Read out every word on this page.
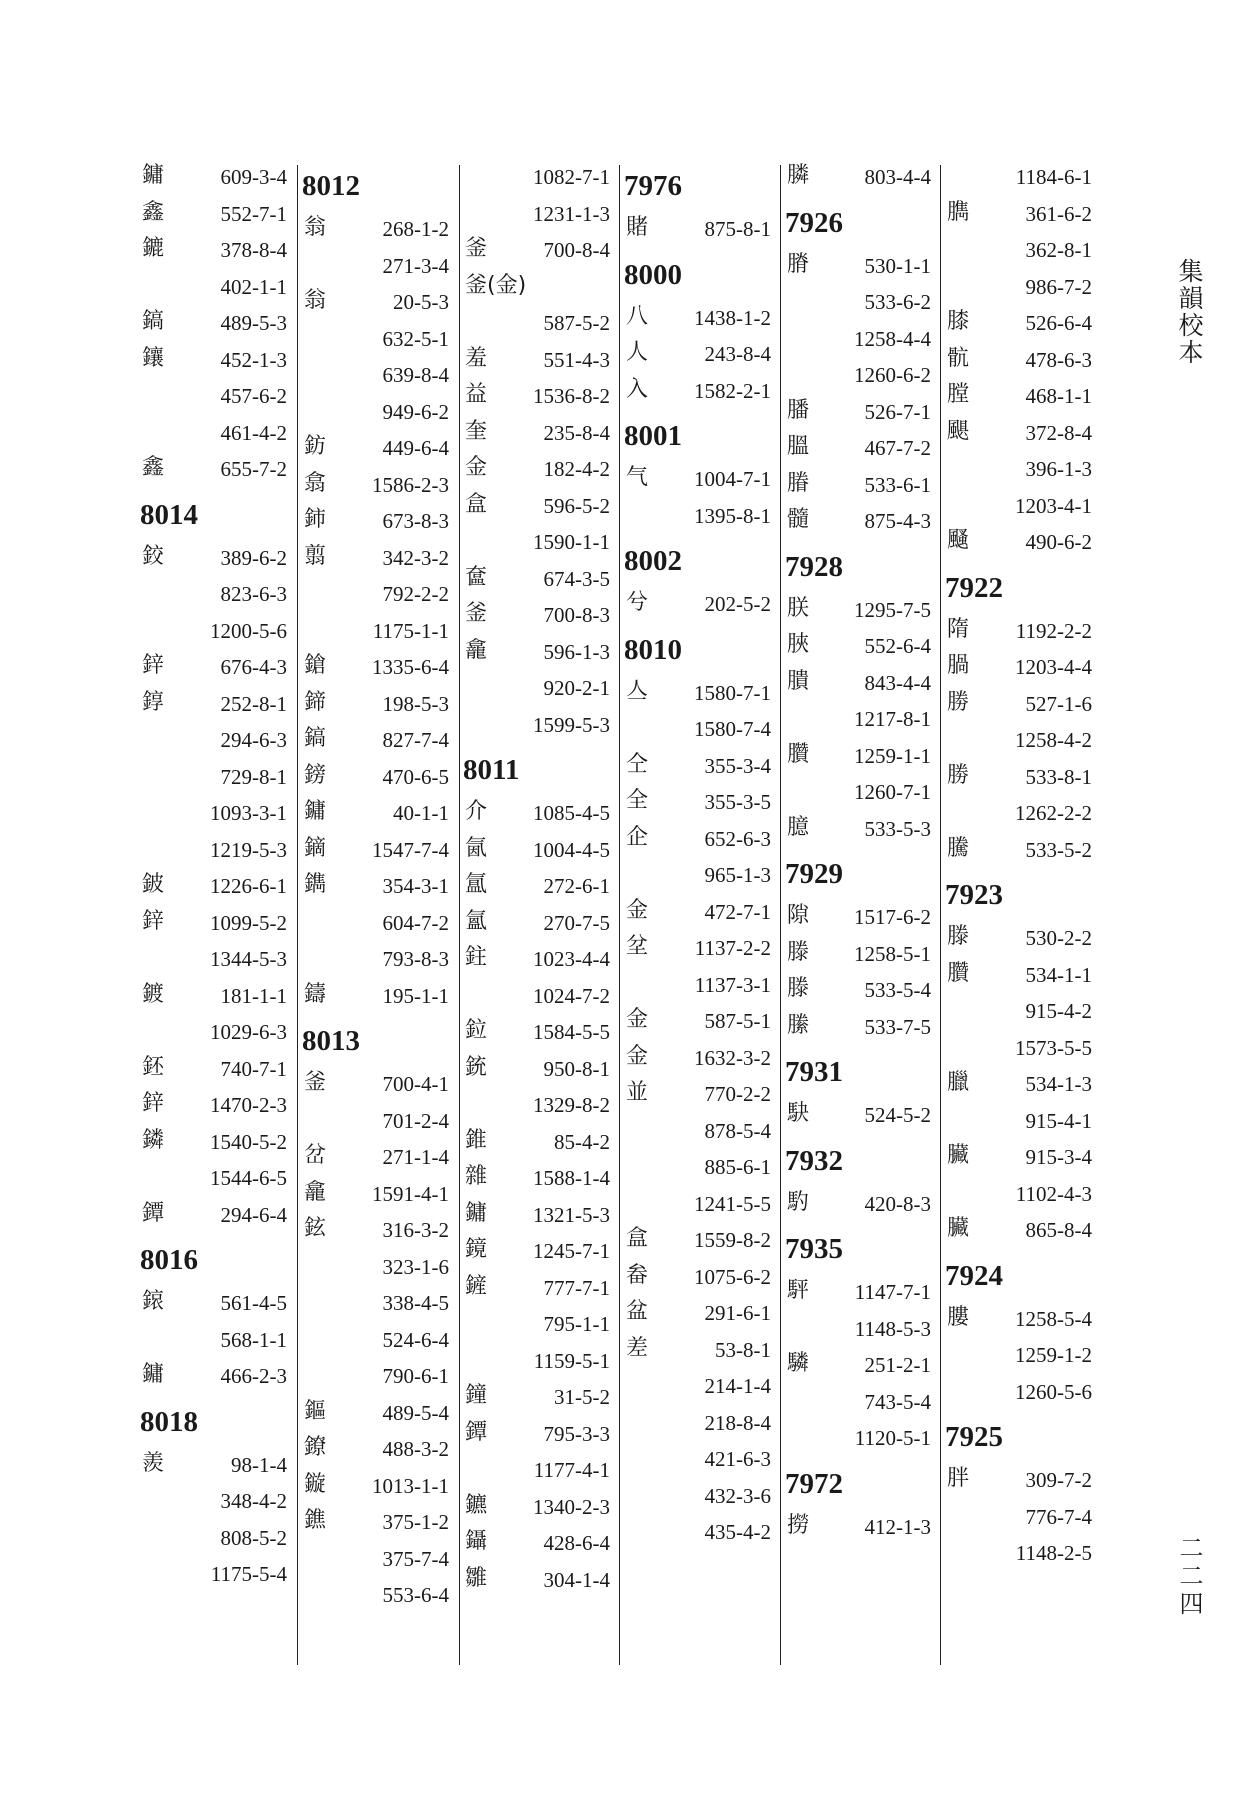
鏞	609-3-4
鑫	552-7-1
鏕	378-8-4
402-1-1
鎬	489-5-3
鑲	452-1-3
457-6-2
461-4-2
鑫	655-7-2
8014
鉸	389-6-2
823-6-3
1200-5-6
鋅	676-4-3
錞	252-8-1
294-6-3
729-8-1
1093-3-1
1219-5-3
鈹 1226-6-1
鋅 1099-5-2
1344-5-3
鍍	181-1-1
1029-6-3
鉟	740-7-1
鋅 1470-2-3
鏻 1540-5-2
1544-6-5
鐔	294-6-4
8016
鎄	561-4-5
568-1-1
鏞	466-2-3
8018
羨	98-1-4
348-4-2
808-5-2
1175-5-4
8012
翁	268-1-2
271-3-4
翁	20-5-3
632-5-1
639-8-4
949-6-2
鈁	449-6-4
翕 1586-2-3
鈰	673-8-3
翦	342-3-2
792-2-2
1175-1-1
鎗 1335-6-4
鍗	198-5-3
鎬	827-7-4
鎊	470-6-5
鏞	40-1-1
鏑 1547-7-4
鐫	354-3-1
604-7-2
793-8-3
鑄	195-1-1
8013
釜	700-4-1
701-2-4
岔	271-1-4
龕 1591-4-1
鉉	316-3-2
323-1-6
338-4-5
524-6-4
790-6-1
鏂	489-5-4
鐐	488-3-2
鏇 1013-1-1
鐎	375-1-2
375-7-4
553-6-4
1082-7-1
1231-1-3
釜	700-8-4
釜(金)
587-5-2
羞	551-4-3
益 1536-8-2
奎	235-8-4
金	182-4-2
盒	596-5-2
1590-1-1
奩	674-3-5
釜	700-8-3
龕	596-1-3
920-2-1
1599-5-3
8011
介 1085-4-5
氤 1004-4-5
氲	272-6-1
氳	270-7-5
鉒 1023-4-4
1024-7-2
鉝 1584-5-5
銃	950-8-1
1329-8-2
錐	85-4-2
雜 1588-1-4
鏞 1321-5-3
鏡 1245-7-1
鏟	777-7-1
795-1-1
1159-5-1
鐘	31-5-2
鐔	795-3-3
1177-4-1
鑣 1340-2-3
鑷	428-6-4
雛	304-1-4
7976
賭	875-8-1
8000
八 1438-1-2
人	243-8-4
入 1582-2-1
8001
气 1004-7-1
1395-8-1
8002
兮	202-5-2
8010
亼 1580-7-1
1580-7-4
仝	355-3-4
全	355-3-5
企	652-6-3
965-1-3
金	472-7-1
坌 1137-2-2
1137-3-1
金	587-5-1
金 1632-3-2
並	770-2-2
878-5-4
885-6-1
1241-5-5
盒 1559-8-2
畚 1075-6-2
盆	291-6-1
差	53-8-1
214-1-4
218-8-4
421-6-3
432-3-6
435-4-2
膦	803-4-4
7926
膌	530-1-1
533-6-2
1258-4-4
1260-6-2
膰	526-7-1
膃	467-7-2
膡	533-6-1
髓	875-4-3
7928
朕 1295-7-5
脥	552-6-4
膭	843-4-4
1217-8-1
臢 1259-1-1
1260-7-1
臆	533-5-3
7929
隙 1517-6-2
滕 1258-5-1
滕	533-5-4
縢	533-7-5
7931
駃	524-5-2
7932
馰	420-8-3
7935
駍 1147-7-1
1148-5-3
驎	251-2-1
743-5-4
1120-5-1
7972
撈	412-1-3
1184-6-1
臇	361-6-2
362-8-1
986-7-2
膝	526-6-4
骯	478-6-3
膛	468-1-1
颶	372-8-4
396-1-3
1203-4-1
颾	490-6-2
7922
隋 1192-2-2
腡 1203-4-4
勝	527-1-6
1258-4-2
勝	533-8-1
1262-2-2
騰	533-5-2
7923
滕	530-2-2
臢	534-1-1
915-4-2
1573-5-5
臘	534-1-3
915-4-1
臟	915-3-4
1102-4-3
臟	865-8-4
7924
膢 1258-5-4
1259-1-2
1260-5-6
7925
胖	309-7-2
776-7-4
1148-2-5
集韻校本
二二四
